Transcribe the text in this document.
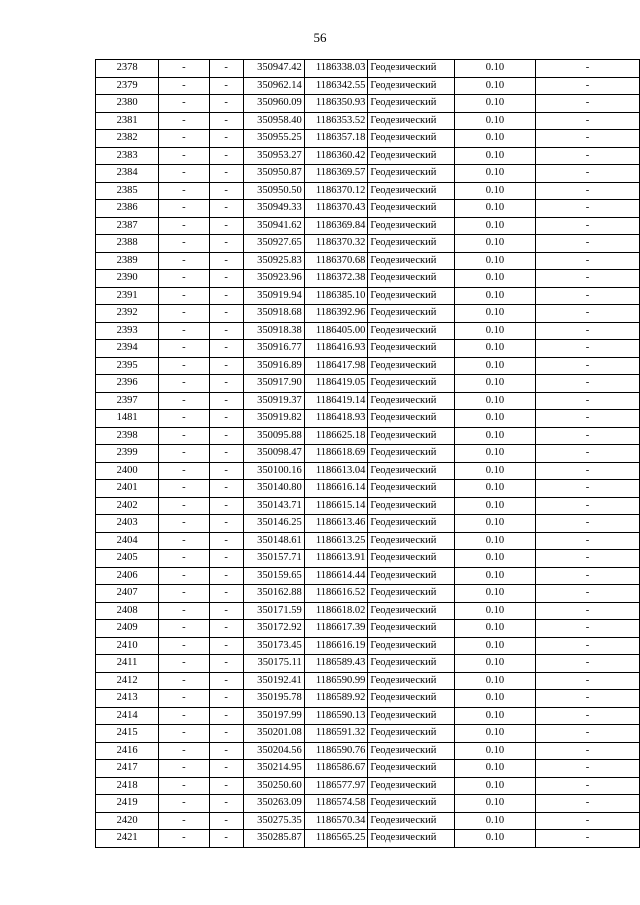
56
2378	-	-	350947.42	1186338.03	Геодезический	0.10	-
2379	-	-	350962.14	1186342.55	Геодезический	0.10	-
2380	-	-	350960.09	1186350.93	Геодезический	0.10	-
2381	-	-	350958.40	1186353.52	Геодезический	0.10	-
2382	-	-	350955.25	1186357.18	Геодезический	0.10	-
2383	-	-	350953.27	1186360.42	Геодезический	0.10	-
2384	-	-	350950.87	1186369.57	Геодезический	0.10	-
2385	-	-	350950.50	1186370.12	Геодезический	0.10	-
2386	-	-	350949.33	1186370.43	Геодезический	0.10	-
2387	-	-	350941.62	1186369.84	Геодезический	0.10	-
2388	-	-	350927.65	1186370.32	Геодезический	0.10	-
2389	-	-	350925.83	1186370.68	Геодезический	0.10	-
2390	-	-	350923.96	1186372.38	Геодезический	0.10	-
2391	-	-	350919.94	1186385.10	Геодезический	0.10	-
2392	-	-	350918.68	1186392.96	Геодезический	0.10	-
2393	-	-	350918.38	1186405.00	Геодезический	0.10	-
2394	-	-	350916.77	1186416.93	Геодезический	0.10	-
2395	-	-	350916.89	1186417.98	Геодезический	0.10	-
2396	-	-	350917.90	1186419.05	Геодезический	0.10	-
2397	-	-	350919.37	1186419.14	Геодезический	0.10	-
1481	-	-	350919.82	1186418.93	Геодезический	0.10	-
2398	-	-	350095.88	1186625.18	Геодезический	0.10	-
2399	-	-	350098.47	1186618.69	Геодезический	0.10	-
2400	-	-	350100.16	1186613.04	Геодезический	0.10	-
2401	-	-	350140.80	1186616.14	Геодезический	0.10	-
2402	-	-	350143.71	1186615.14	Геодезический	0.10	-
2403	-	-	350146.25	1186613.46	Геодезический	0.10	-
2404	-	-	350148.61	1186613.25	Геодезический	0.10	-
2405	-	-	350157.71	1186613.91	Геодезический	0.10	-
2406	-	-	350159.65	1186614.44	Геодезический	0.10	-
2407	-	-	350162.88	1186616.52	Геодезический	0.10	-
2408	-	-	350171.59	1186618.02	Геодезический	0.10	-
2409	-	-	350172.92	1186617.39	Геодезический	0.10	-
2410	-	-	350173.45	1186616.19	Геодезический	0.10	-
2411	-	-	350175.11	1186589.43	Геодезический	0.10	-
2412	-	-	350192.41	1186590.99	Геодезический	0.10	-
2413	-	-	350195.78	1186589.92	Геодезический	0.10	-
2414	-	-	350197.99	1186590.13	Геодезический	0.10	-
2415	-	-	350201.08	1186591.32	Геодезический	0.10	-
2416	-	-	350204.56	1186590.76	Геодезический	0.10	-
2417	-	-	350214.95	1186586.67	Геодезический	0.10	-
2418	-	-	350250.60	1186577.97	Геодезический	0.10	-
2419	-	-	350263.09	1186574.58	Геодезический	0.10	-
2420	-	-	350275.35	1186570.34	Геодезический	0.10	-
2421	-	-	350285.87	1186565.25	Геодезический	0.10	-
